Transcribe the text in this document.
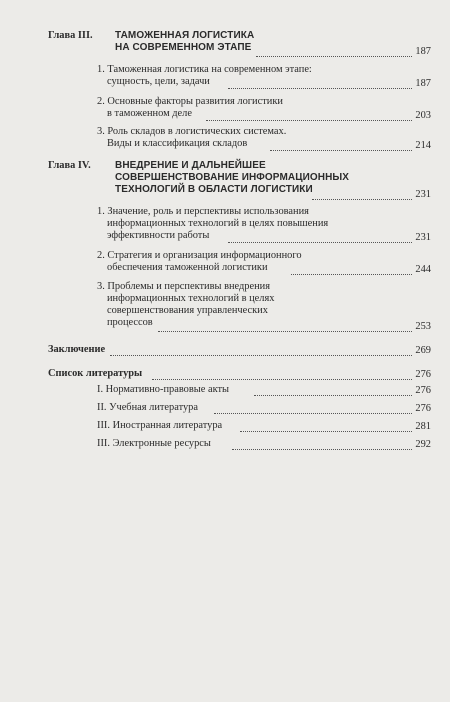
Глава III. ТАМОЖЕННАЯ ЛОГИСТИКА
НА СОВРЕМЕННОМ ЭТАПЕ	187
1. Таможенная логистика на современном этапе:
сущность, цели, задачи	187
2. Основные факторы развития логистики
в таможенном деле	203
3. Роль складов в логистических системах.
Виды и классификация складов	214
Глава IV. ВНЕДРЕНИЕ И ДАЛЬНЕЙШЕЕ
СОВЕРШЕНСТВОВАНИЕ ИНФОРМАЦИОННЫХ
ТЕХНОЛОГИЙ В ОБЛАСТИ ЛОГИСТИКИ	231
1. Значение, роль и перспективы использования
информационных технологий в целях повышения
эффективности работы	231
2. Стратегия и организация информационного
обеспечения таможенной логистики	244
3. Проблемы и перспективы внедрения
информационных технологий в целях
совершенствования управленческих
процессов	253
Заключение	269
Список литературы	276
I. Нормативно-правовые акты	276
II. Учебная литература	276
III. Иностранная литература	281
III. Электронные ресурсы	292
